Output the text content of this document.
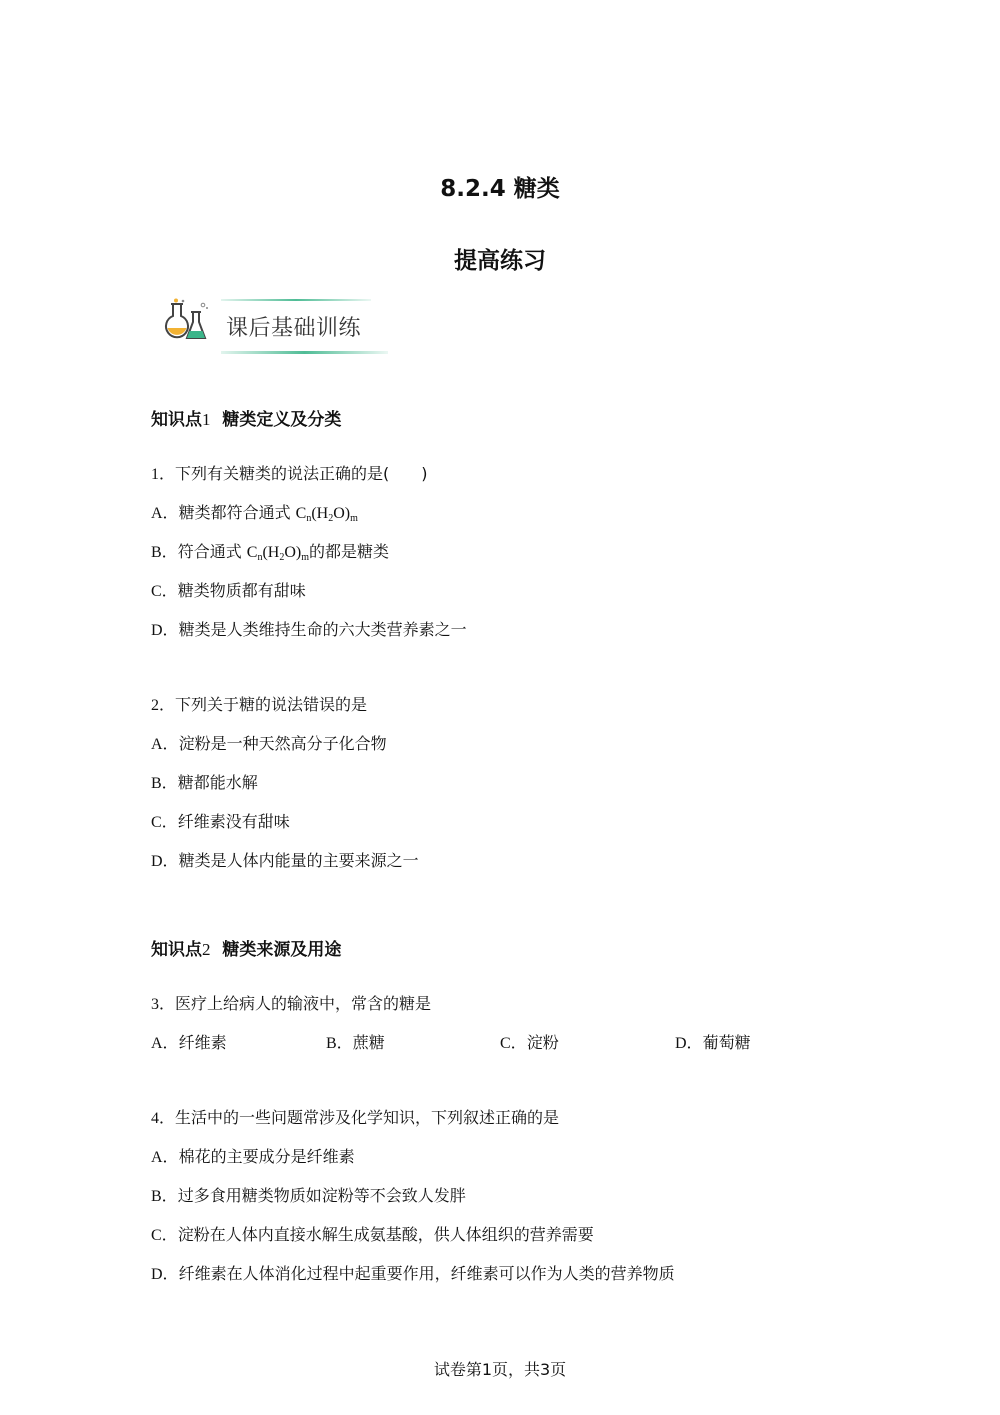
8.2.4 糖类
提高练习
课后基础训练
知识点1 糖类定义及分类
1．下列有关糖类的说法正确的是(　　)
A．糖类都符合通式 $C_n(H_2O)_m$
B．符合通式 $C_n(H_2O)_m$的都是糖类
C．糖类物质都有甜味
D．糖类是人类维持生命的六大类营养素之一
2．下列关于糖的说法错误的是
A．淀粉是一种天然高分子化合物
B．糖都能水解
C．纤维素没有甜味
D．糖类是人体内能量的主要来源之一
知识点2 糖类来源及用途
3．医疗上给病人的输液中，常含的糖是
A．纤维素	B．蔗糖	C．淀粉	D．葡萄糖
4．生活中的一些问题常涉及化学知识，下列叙述正确的是
A．棉花的主要成分是纤维素
B．过多食用糖类物质如淀粉等不会致人发胖
C．淀粉在人体内直接水解生成氨基酸，供人体组织的营养需要
D．纤维素在人体消化过程中起重要作用，纤维素可以作为人类的营养物质
试卷第1页，共3页
